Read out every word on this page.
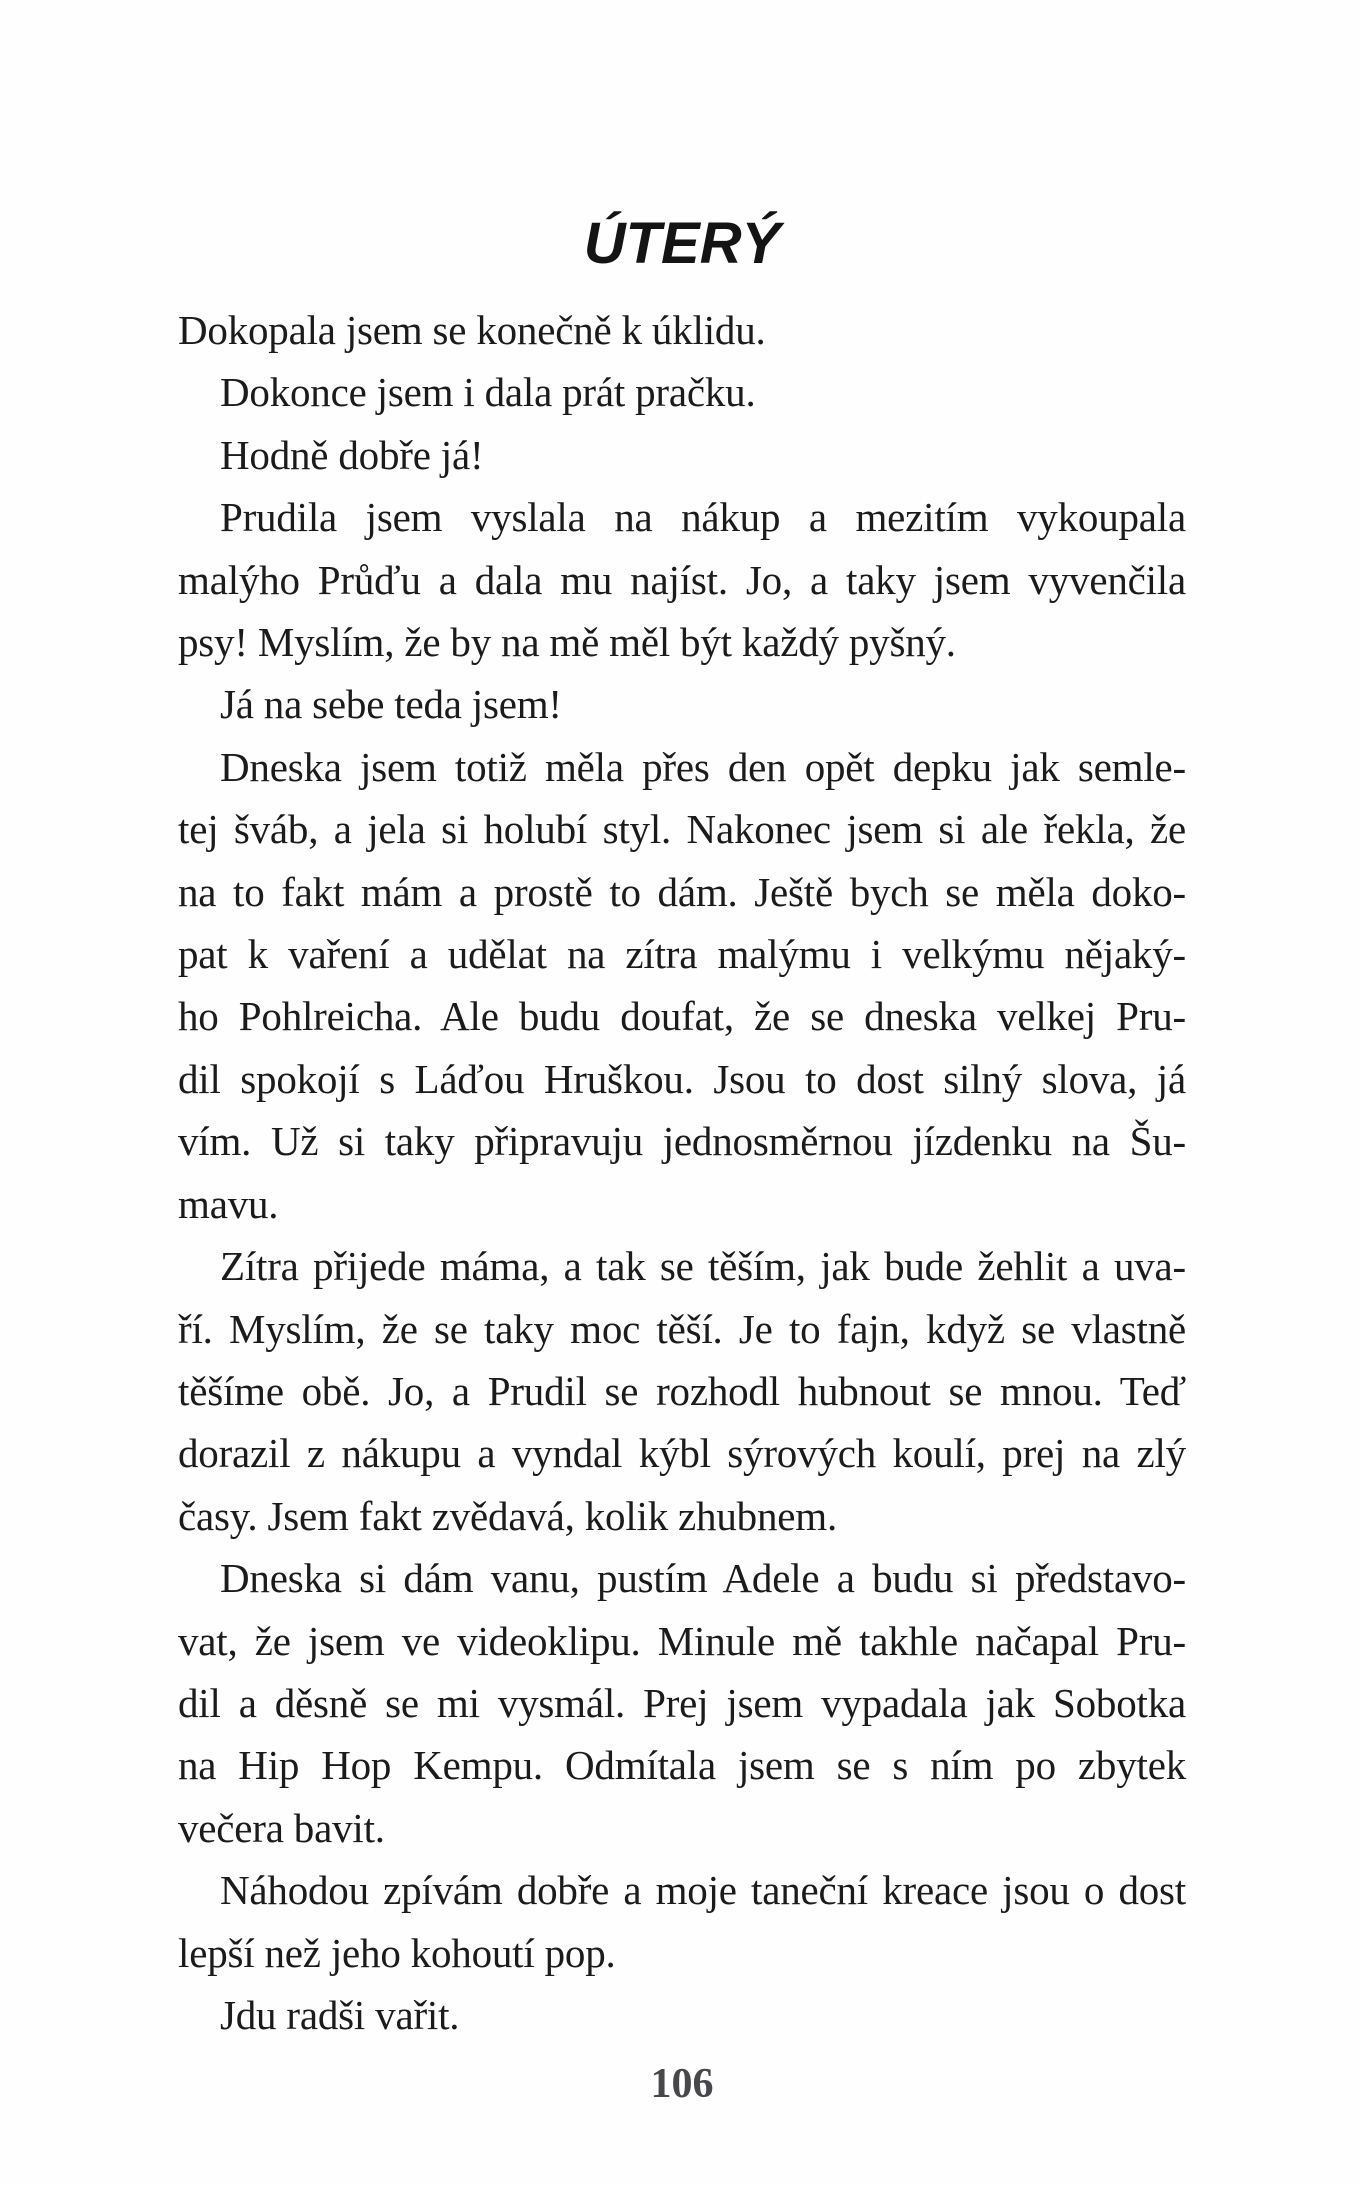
ÚTERÝ
Dokopala jsem se konečně k úklidu.
Dokonce jsem i dala prát pračku.
Hodně dobře já!
Prudila jsem vyslala na nákup a mezitím vykoupala
malýho Průďu a dala mu najíst. Jo, a taky jsem vyvenčila
psy! Myslím, že by na mě měl být každý pyšný.
Já na sebe teda jsem!
Dneska jsem totiž měla přes den opět depku jak semle-
tej šváb, a jela si holubí styl. Nakonec jsem si ale řekla, že
na to fakt mám a prostě to dám. Ještě bych se měla doko-
pat k vaření a udělat na zítra malýmu i velkýmu nějaký-
ho Pohlreicha. Ale budu doufat, že se dneska velkej Pru-
dil spokojí s Láďou Hruškou. Jsou to dost silný slova, já
vím. Už si taky připravuju jednosměrnou jízdenku na Šu-
mavu.
Zítra přijede máma, a tak se těším, jak bude žehlit a uva-
ří. Myslím, že se taky moc těší. Je to fajn, když se vlastně
těšíme obě. Jo, a Prudil se rozhodl hubnout se mnou. Teď
dorazil z nákupu a vyndal kýbl sýrových koulí, prej na zlý
časy. Jsem fakt zvědavá, kolik zhubnem.
Dneska si dám vanu, pustím Adele a budu si představo-
vat, že jsem ve videoklipu. Minule mě takhle načapal Pru-
dil a děsně se mi vysmál. Prej jsem vypadala jak Sobotka
na Hip Hop Kempu. Odmítala jsem se s ním po zbytek
večera bavit.
Náhodou zpívám dobře a moje taneční kreace jsou o dost
lepší než jeho kohoutí pop.
Jdu radši vařit.
106
